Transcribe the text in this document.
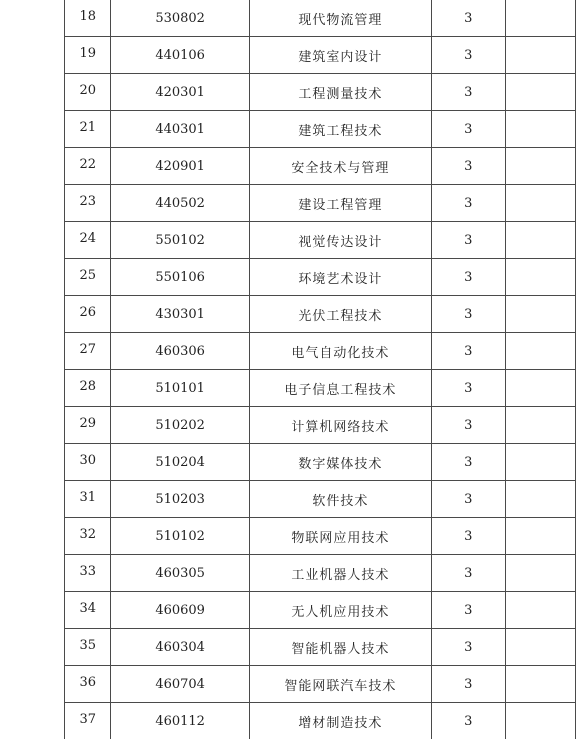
18	530802	现代物流管理	3	
19	440106	建筑室内设计	3	
20	420301	工程测量技术	3	
21	440301	建筑工程技术	3	
22	420901	安全技术与管理	3	
23	440502	建设工程管理	3	
24	550102	视觉传达设计	3	
25	550106	环境艺术设计	3	
26	430301	光伏工程技术	3	
27	460306	电气自动化技术	3	
28	510101	电子信息工程技术	3	
29	510202	计算机网络技术	3	
30	510204	数字媒体技术	3	
31	510203	软件技术	3	
32	510102	物联网应用技术	3	
33	460305	工业机器人技术	3	
34	460609	无人机应用技术	3	
35	460304	智能机器人技术	3	
36	460704	智能网联汽车技术	3	
37	460112	增材制造技术	3	
